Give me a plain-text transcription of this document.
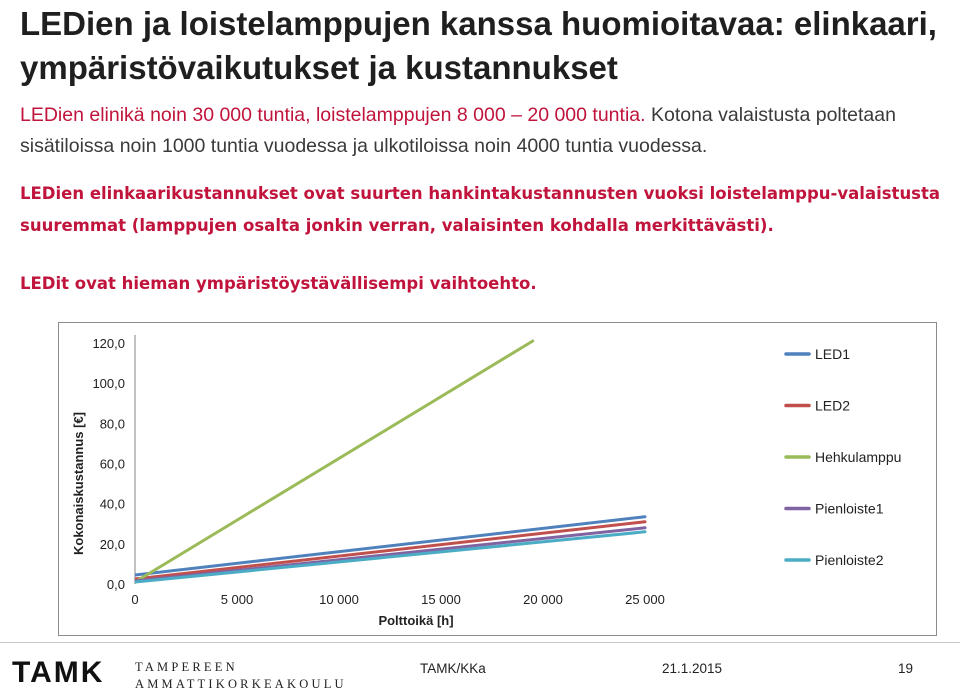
LEDien ja loistelamppujen kanssa huomioitavaa: elinkaari, ympäristövaikutukset ja kustannukset
LEDien elinikä noin 30 000 tuntia, loistelamppujen 8 000 – 20 000 tuntia. Kotona valaistusta poltetaan sisätiloissa noin 1000 tuntia vuodessa ja ulkotiloissa noin 4000 tuntia vuodessa.
LEDien elinkaarikustannukset ovat suurten hankintakustannusten vuoksi loistelamppu-valaistusta suuremmat (lamppujen osalta jonkin verran, valaisinten kohdalla merkittävästi).
LEDit ovat hieman ympäristöystävällisempi vaihtoehto.
0,0
20,0
40,0
60,0
80,0
100,0
120,0
0	5 000	10 000	15 000	20 000	25 000
Polttoikä [h]
Kokonaiskustannus [€]
LED1
LED2
Hehkulamppu
Pienloiste1
Pienloiste2
TAMK TAMPEREEN
AMMATTIKORKEAKOULU
TAMK/KKa	21.1.2015	19
